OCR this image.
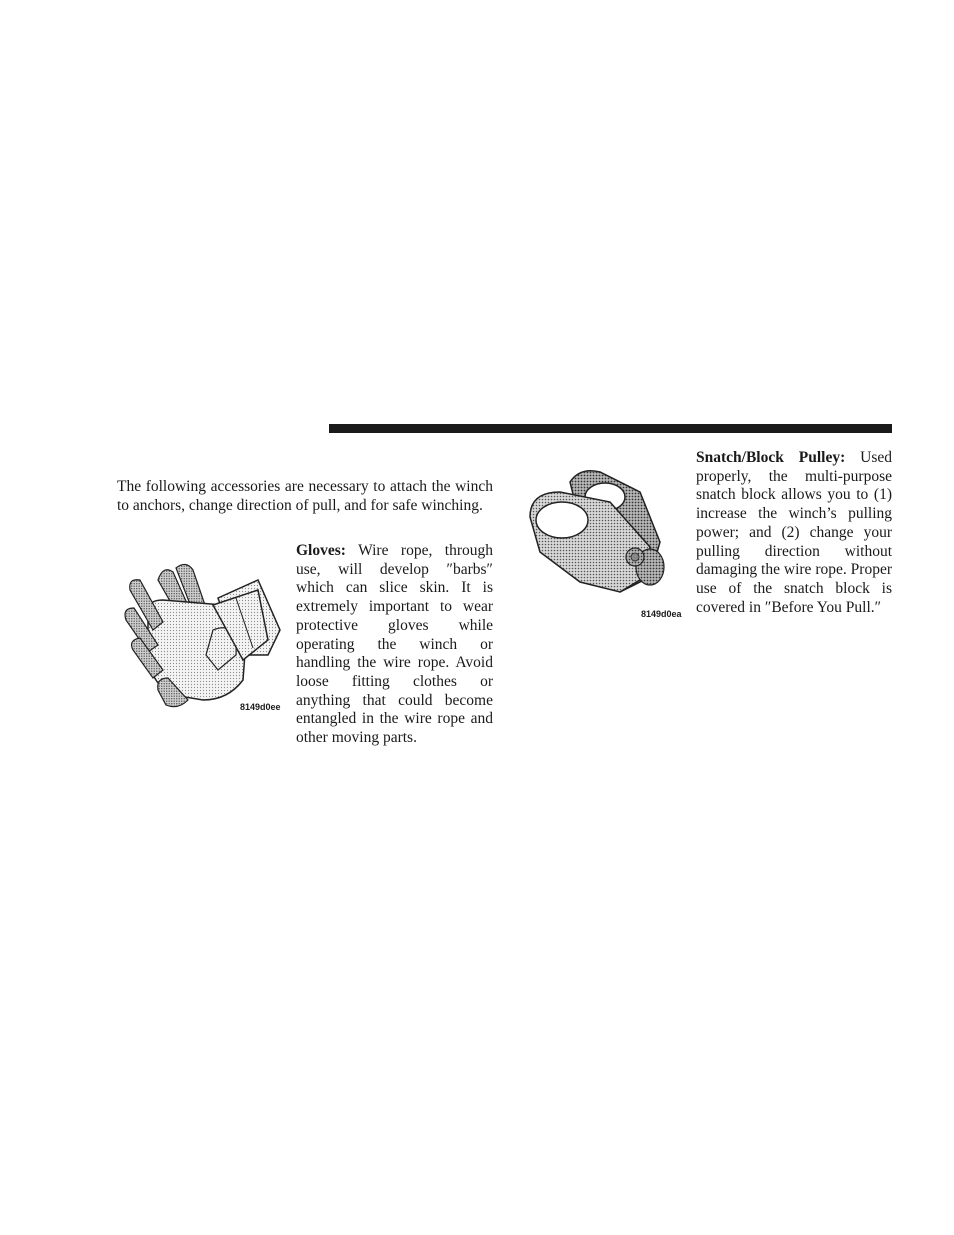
The following accessories are necessary to attach the winch to anchors, change direction of pull, and for safe winching.

8149d0ee

Gloves: Wire rope, through use, will develop ″barbs″ which can slice skin. It is extremely important to wear protective gloves while operating the winch or handling the wire rope. Avoid loose fitting clothes or anything that could become entangled in the wire rope and other moving parts.

8149d0ea

Snatch/Block Pulley: Used properly, the multi-purpose snatch block allows you to (1) increase the winch’s pulling power; and (2) change your pulling direction without damaging the wire rope. Proper use of the snatch block is covered in ″Before You Pull.″
